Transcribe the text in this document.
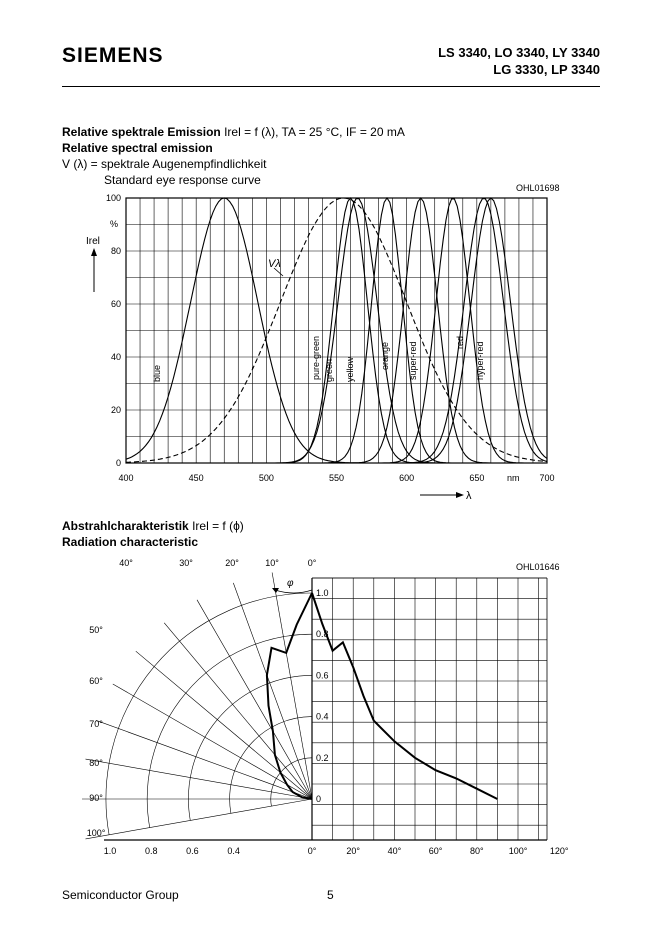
SIEMENS	LS 3340, LO 3340, LY 3340
LG 3330, LP 3340
Relative spektrale Emission Irel = f (λ), TA = 25 °C, IF = 20 mA
Relative spectral emission
V (λ) = spektrale Augenempfindlichkeit
Standard eye response curve
400	450	500	550	600	650	nm 700
0
20
40
60
80
100
blue	pure-green green yellow	orange super-red	red hyper-red
OHL01698
%
Irel
λ
Vλ
Abstrahlcharakteristik Irel = f (ϕ)
Radiation characteristic
40°	30°	20°	10°	0°
50°
60°
70°
80°
90°
100°
1.0
0.8
0.6
0.4
0.2
0
1.0	0.8	0.6	0.4	0°	20°	40°	60°	80°	100°	120°
OHL01646
φ
Semiconductor Group	5
